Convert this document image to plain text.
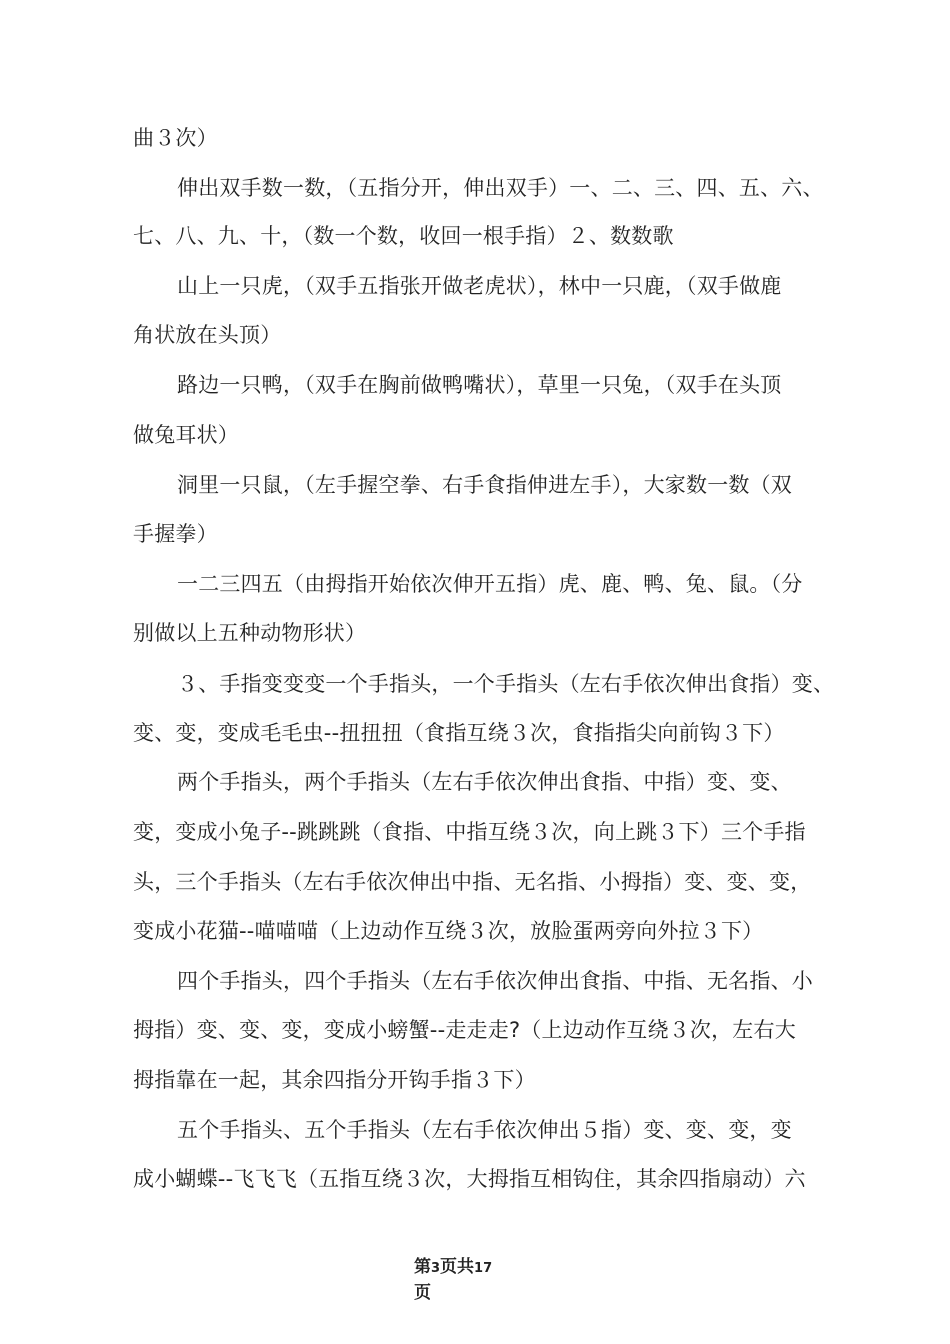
曲３次）
伸出双手数一数，（五指分开，伸出双手）一、二、三、四、五、六、
七、八、九、十，（数一个数，收回一根手指）２、数数歌
山上一只虎，（双手五指张开做老虎状），林中一只鹿，（双手做鹿
角状放在头顶）
路边一只鸭，（双手在胸前做鸭嘴状），草里一只兔，（双手在头顶
做兔耳状）
洞里一只鼠，（左手握空拳、右手食指伸进左手），大家数一数（双
手握拳）
一二三四五（由拇指开始依次伸开五指）虎、鹿、鸭、兔、鼠。（分
别做以上五种动物形状）
３、手指变变变一个手指头，一个手指头（左右手依次伸出食指）变、
变、变，变成毛毛虫--扭扭扭（食指互绕３次，食指指尖向前钩３下）
两个手指头，两个手指头（左右手依次伸出食指、中指）变、变、
变，变成小兔子--跳跳跳（食指、中指互绕３次，向上跳３下）三个手指
头，三个手指头（左右手依次伸出中指、无名指、小拇指）变、变、变，
变成小花猫--喵喵喵（上边动作互绕３次，放脸蛋两旁向外拉３下）
四个手指头，四个手指头（左右手依次伸出食指、中指、无名指、小
拇指）变、变、变，变成小螃蟹--走走走?（上边动作互绕３次，左右大
拇指靠在一起，其余四指分开钩手指３下）
五个手指头、五个手指头（左右手依次伸出５指）变、变、变，变
成小蝴蝶--飞飞飞（五指互绕３次，大拇指互相钩住，其余四指扇动）六
第3页共17
页
